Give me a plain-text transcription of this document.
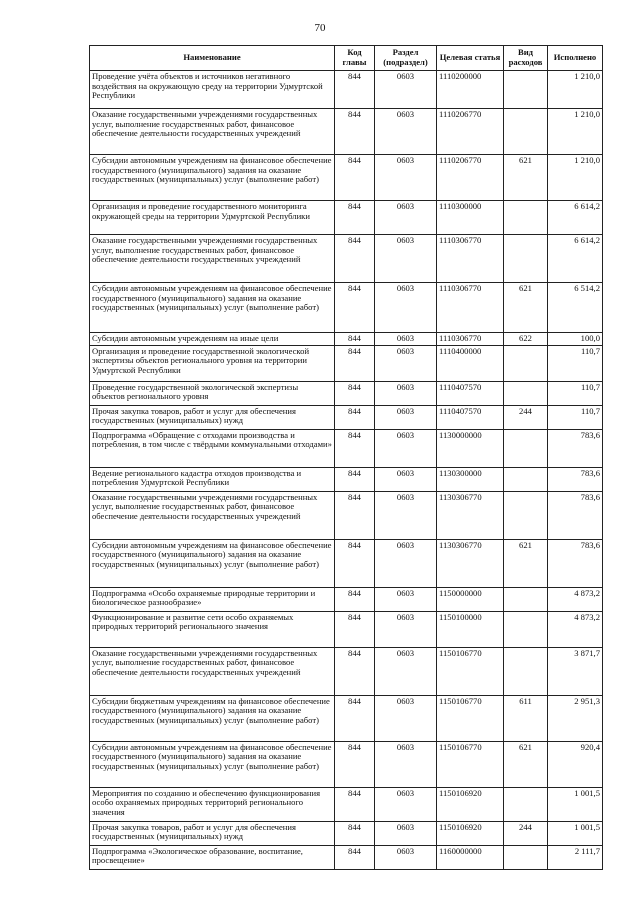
70
Наименование	Код главы	Раздел (подраздел)	Целевая статья	Вид расходов	Исполнено
Проведение учёта объектов и источников негативного воздействия на окружающую среду на территории Удмуртской Республики	844	0603	1110200000		1 210,0
Оказание государственными учреждениями государственных услуг, выполнение государственных работ, финансовое обеспечение деятельности государственных учреждений	844	0603	1110206770		1 210,0
Субсидии автономным учреждениям на финансовое обеспечение государственного (муниципального) задания на оказание государственных (муниципальных) услуг (выполнение работ)	844	0603	1110206770	621	1 210,0
Организация и проведение государственного мониторинга окружающей среды на территории Удмуртской Республики	844	0603	1110300000		6 614,2
Оказание государственными учреждениями государственных услуг, выполнение государственных работ, финансовое обеспечение деятельности государственных учреждений	844	0603	1110306770		6 614,2
Субсидии автономным учреждениям на финансовое обеспечение государственного (муниципального) задания на оказание государственных (муниципальных) услуг (выполнение работ)	844	0603	1110306770	621	6 514,2
Субсидии автономным учреждениям на иные цели	844	0603	1110306770	622	100,0
Организация и проведение государственной экологической экспертизы объектов регионального уровня на территории Удмуртской Республики	844	0603	1110400000		110,7
Проведение государственной экологической экспертизы объектов регионального уровня	844	0603	1110407570		110,7
Прочая закупка товаров, работ и услуг для обеспечения государственных (муниципальных) нужд	844	0603	1110407570	244	110,7
Подпрограмма «Обращение с отходами производства и потребления, в том числе с твёрдыми коммунальными отходами»	844	0603	1130000000		783,6
Ведение регионального кадастра отходов производства и потребления Удмуртской Республики	844	0603	1130300000		783,6
Оказание государственными учреждениями государственных услуг, выполнение государственных работ, финансовое обеспечение деятельности государственных учреждений	844	0603	1130306770		783,6
Субсидии автономным учреждениям на финансовое обеспечение государственного (муниципального) задания на оказание государственных (муниципальных) услуг (выполнение работ)	844	0603	1130306770	621	783,6
Подпрограмма «Особо охраняемые природные территории и биологическое разнообразие»	844	0603	1150000000		4 873,2
Функционирование и развитие сети особо охраняемых природных территорий регионального значения	844	0603	1150100000		4 873,2
Оказание государственными учреждениями государственных услуг, выполнение государственных работ, финансовое обеспечение деятельности государственных учреждений	844	0603	1150106770		3 871,7
Субсидии бюджетным учреждениям на финансовое обеспечение государственного (муниципального) задания на оказание государственных (муниципальных) услуг (выполнение работ)	844	0603	1150106770	611	2 951,3
Субсидии автономным учреждениям на финансовое обеспечение государственного (муниципального) задания на оказание государственных (муниципальных) услуг (выполнение работ)	844	0603	1150106770	621	920,4
Мероприятия по созданию и обеспечению функционирования особо охраняемых природных территорий регионального значения	844	0603	1150106920		1 001,5
Прочая закупка товаров, работ и услуг для обеспечения государственных (муниципальных) нужд	844	0603	1150106920	244	1 001,5
Подпрограмма «Экологическое образование, воспитание, просвещение»	844	0603	1160000000		2 111,7
